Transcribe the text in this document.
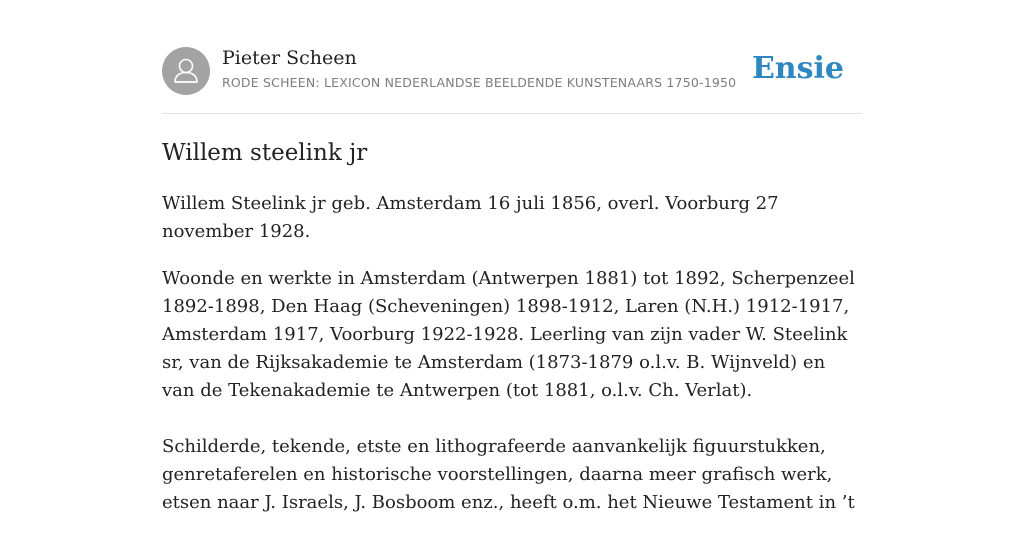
Pieter Scheen
RODE SCHEEN: LEXICON NEDERLANDSE BEELDENDE KUNSTENAARS 1750-1950 Ensie
Willem steelink jr

Willem Steelink jr geb. Amsterdam 16 juli 1856, overl. Voorburg 27 november 1928.

Woonde en werkte in Amsterdam (Antwerpen 1881) tot 1892, Scherpenzeel 1892-1898, Den Haag (Scheveningen) 1898-1912, Laren (N.H.) 1912-1917, Amsterdam 1917, Voorburg 1922-1928. Leerling van zijn vader W. Steelink sr, van de Rijksakademie te Amsterdam (1873-1879 o.l.v. B. Wijnveld) en van de Tekenakademie te Antwerpen (tot 1881, o.l.v. Ch. Verlat).

Schilderde, tekende, etste en lithografeerde aanvankelijk figuurstukken, genretaferelen en historische voorstellingen, daarna meer grafisch werk, etsen naar J. Israels, J. Bosboom enz., heeft o.m. het Nieuwe Testament in ’t
